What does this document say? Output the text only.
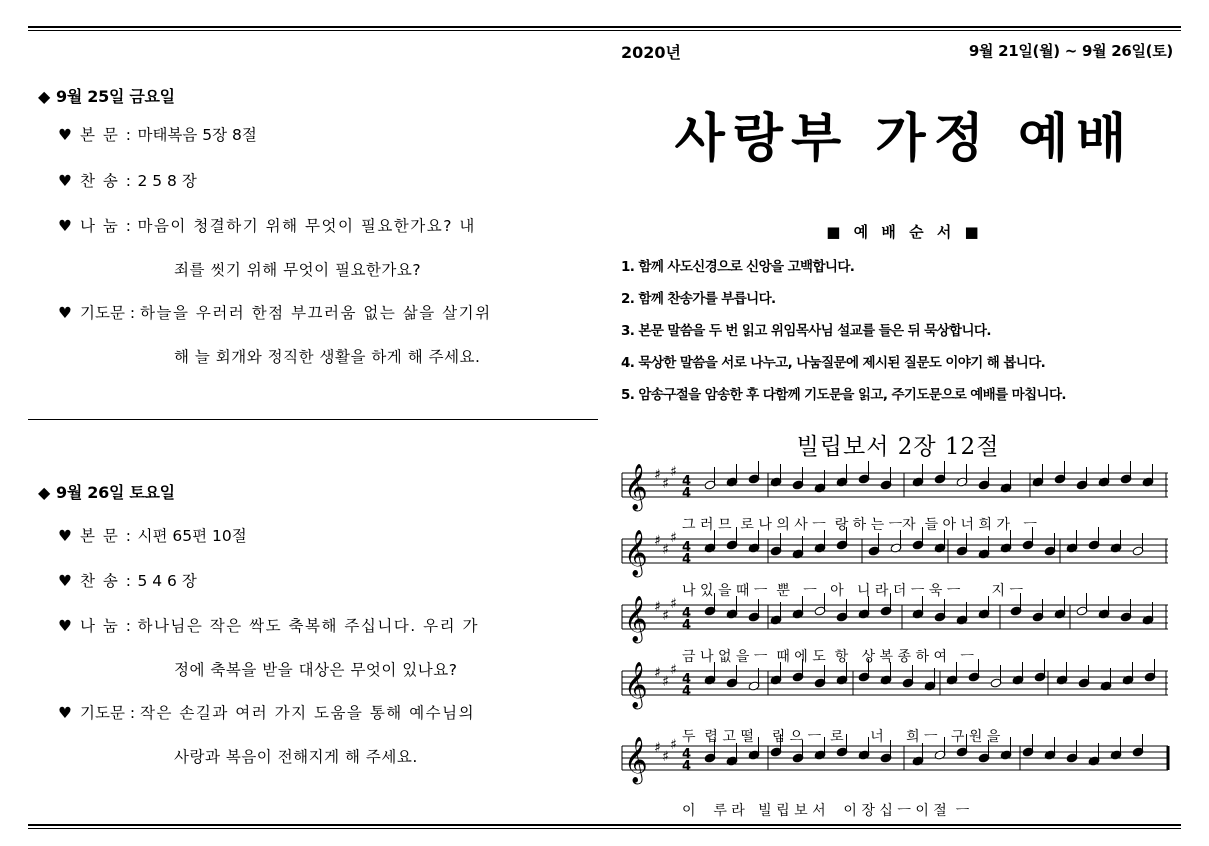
◆ 9월 25일 금요일
♥ 본 문 : 마태복음 5장 8절
♥ 찬 송 : 2 5 8 장
♥ 나 눔 : 마음이 청결하기 위해 무엇이 필요한가요? 내
죄를 씻기 위해 무엇이 필요한가요?
♥ 기도문 : 하늘을 우러러 한점 부끄러움 없는 삶을 살기위
해 늘 회개와 정직한 생활을 하게 해 주세요.
◆ 9월 26일 토요일
♥ 본 문 : 시편 65편 10절
♥ 찬 송 : 5 4 6 장
♥ 나 눔 : 하나님은 작은 싹도 축복해 주십니다. 우리 가
정에 축복을 받을 대상은 무엇이 있나요?
♥ 기도문 : 작은 손길과 여러 가지 도움을 통해 예수님의
사랑과 복음이 전해지게 해 주세요.
2020년	9월 21일(월) ~ 9월 26일(토)
사랑부 가정 예배
■ 예 배 순 서 ■
1. 함께 사도신경으로 신앙을 고백합니다.
2. 함께 찬송가를 부릅니다.
3. 본문 말씀을 두 번 읽고 위임목사님 설교를 들은 뒤 묵상합니다.
4. 묵상한 말씀을 서로 나누고, 나눔질문에 제시된 질문도 이야기 해 봅니다.
5. 암송구절을 암송한 후 다함께 기도문을 읽고, 주기도문으로 예배를 마칩니다.
빌립보서 2장 12절
𝄞 ♯
♯
♯
4
4
𝄞 ♯
♯
♯
4
4
𝄞 ♯
♯
♯
4
4
𝄞 ♯
♯
♯
4
4
𝄞 ♯
♯
♯
4
4
그 러 므  로 나 의 사 ㅡ  랑 하 는 ㅡ자  들 아 너 희 가   ㅡ
나 있 을 때 ㅡ  뿐   ㅡ   아   니 라 더 ㅡ 욱 ㅡ       지 ㅡ
금 나 없 을 ㅡ  때 에 도  항   상 복 종 하 여   ㅡ
두  렵 고 떨    림 으 ㅡ  로      너     희 ㅡ   구 원 을
이    루 라   빌 립 보 서    이 장 십 ㅡ 이 절  ㅡ
